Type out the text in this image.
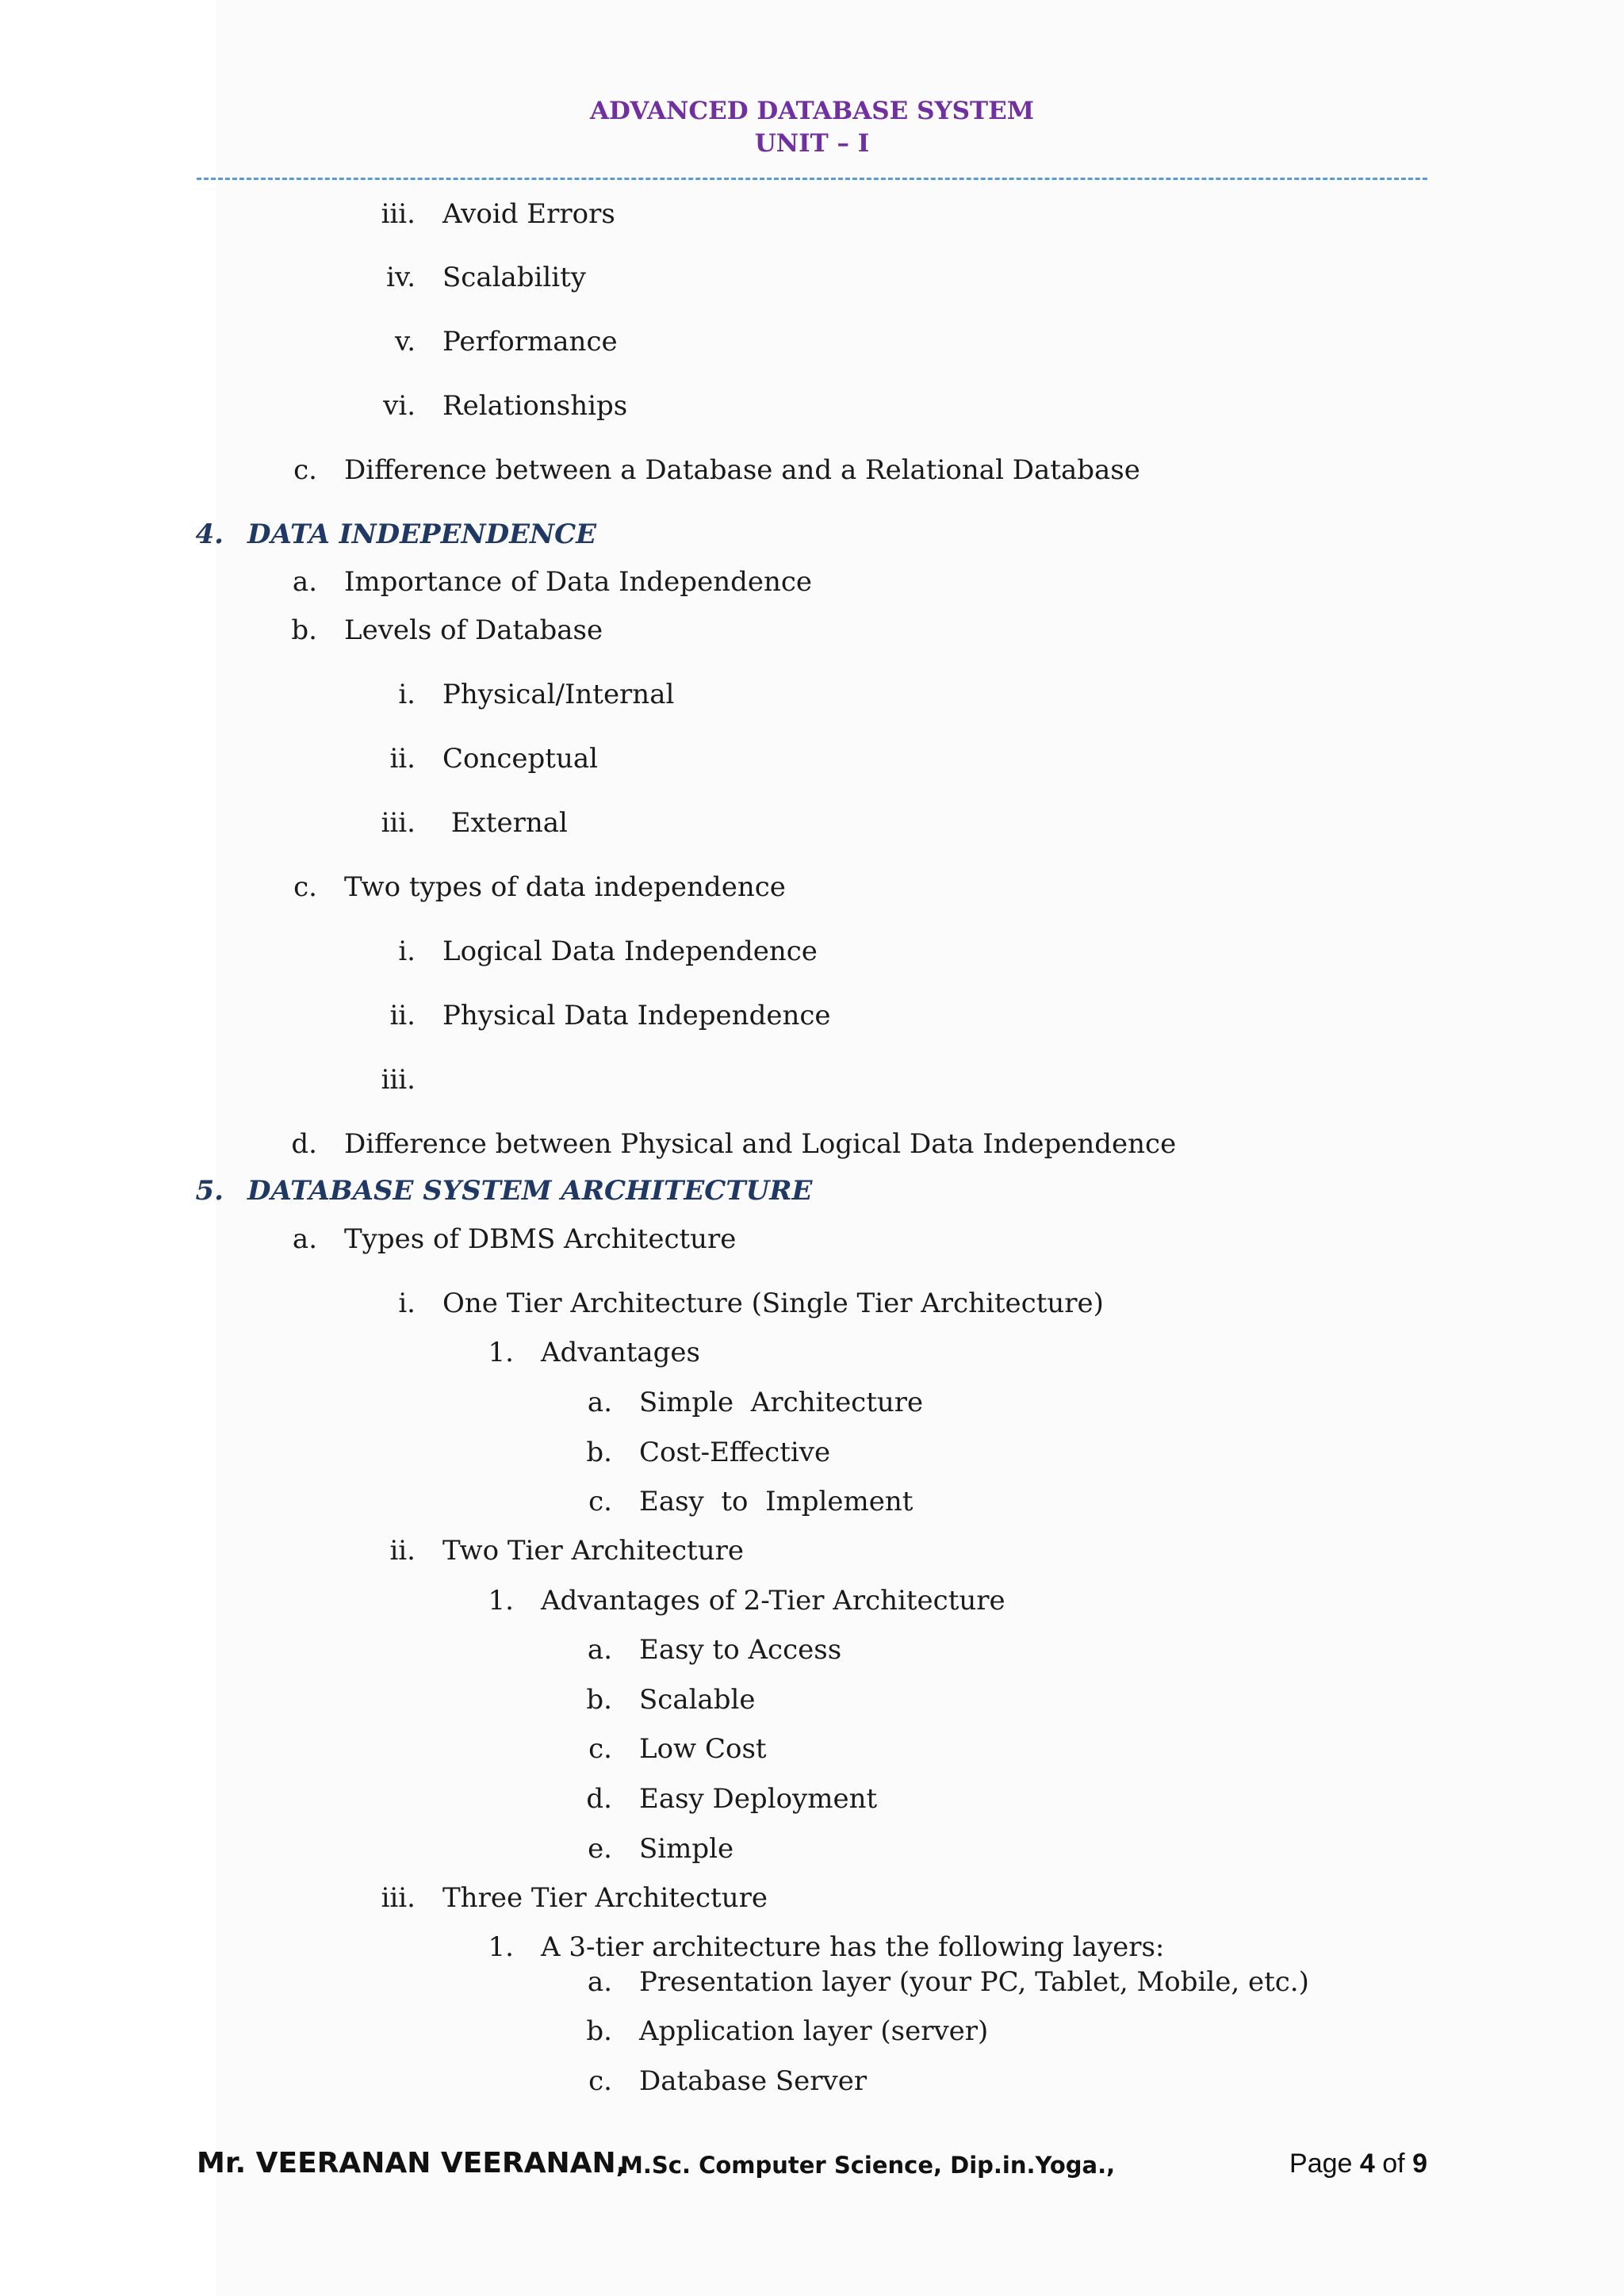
ADVANCED DATABASE SYSTEM
UNIT – I
iii. Avoid Errors
iv. Scalability
v. Performance
vi. Relationships
c. Difference between a Database and a Relational Database
4. DATA INDEPENDENCE
a. Importance of Data Independence
b. Levels of Database
i. Physical/Internal
ii. Conceptual
iii. External
c. Two types of data independence
i. Logical Data Independence
ii. Physical Data Independence
iii.
d. Difference between Physical and Logical Data Independence
5. DATABASE SYSTEM ARCHITECTURE
a. Types of DBMS Architecture
i. One Tier Architecture (Single Tier Architecture)
1. Advantages
a. Simple  Architecture
b. Cost-Effective
c. Easy  to  Implement
ii. Two Tier Architecture
1. Advantages of 2-Tier Architecture
a. Easy to Access
b. Scalable
c. Low Cost
d. Easy Deployment
e. Simple
iii. Three Tier Architecture
1. A 3-tier architecture has the following layers:
a. Presentation layer (your PC, Tablet, Mobile, etc.)
b. Application layer (server)
c. Database Server
Mr. VEERANAN VEERANAN,
M.Sc. Computer Science, Dip.in.Yoga.,	Page 4 of 9
